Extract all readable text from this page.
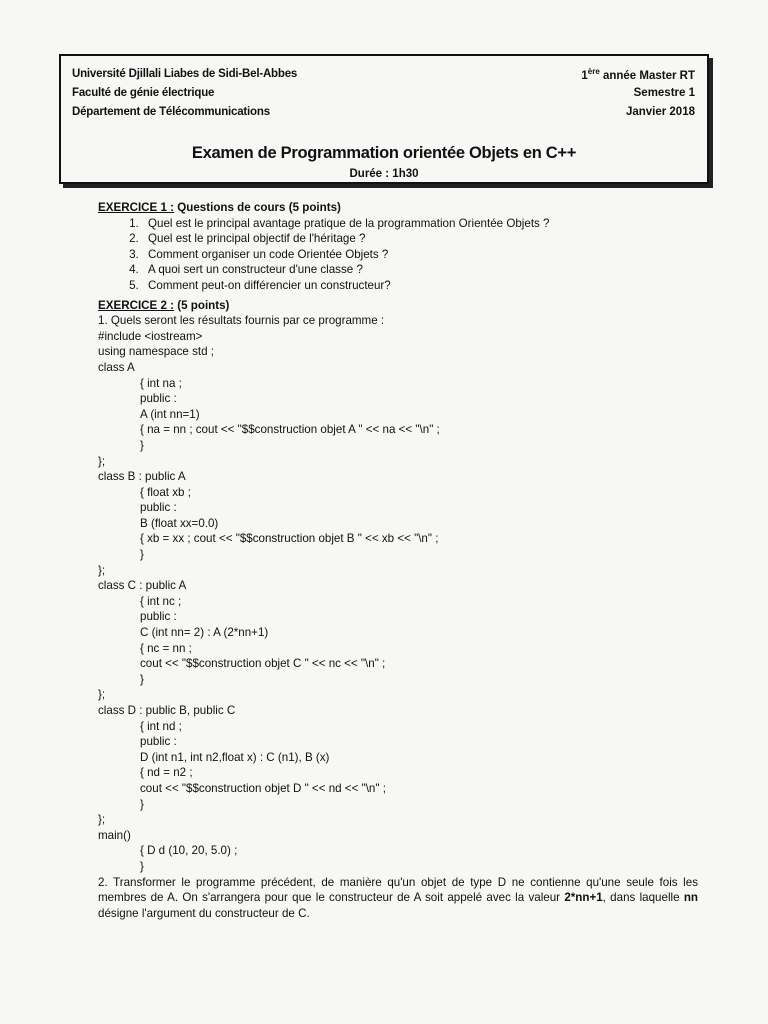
Université Djillali Liabes de Sidi-Bel-Abbes
Faculté de génie électrique
Département de Télécommunications
1ère année Master RT
Semestre 1
Janvier 2018
Examen de Programmation orientée Objets en C++
Durée : 1h30
EXERCICE 1 : Questions de cours (5 points)
1. Quel est le principal avantage pratique de la programmation Orientée Objets ?
2. Quel est le principal objectif de l'héritage ?
3. Comment organiser un code Orientée Objets ?
4. A quoi sert un constructeur d'une classe ?
5. Comment peut-on différencier un constructeur?
EXERCICE 2 : (5 points)
1. Quels seront les résultats fournis par ce programme :
#include <iostream>
using namespace std ;
class A
{ int na ;
public :
A (int nn=1)
{ na = nn ; cout << "$$construction objet A " << na << "\n" ;
}
};
class B : public A
{ float xb ;
public :
B (float xx=0.0)
{ xb = xx ; cout << "$$construction objet B " << xb << "\n" ;
}
};
class C : public A
{ int nc ;
public :
C (int nn= 2) : A (2*nn+1)
{ nc = nn ;
cout << "$$construction objet C " << nc << "\n" ;
}
};
class D : public B, public C
{ int nd ;
public :
D (int n1, int n2,float x) : C (n1), B (x)
{ nd = n2 ;
cout << "$$construction objet D " << nd << "\n" ;
}
};
main()
{ D d (10, 20, 5.0) ;
}
2. Transformer le programme précédent, de manière qu'un objet de type D ne contienne qu'une seule fois les membres de A. On s'arrangera pour que le constructeur de A soit appelé avec la valeur 2*nn+1, dans laquelle nn désigne l'argument du constructeur de C.
